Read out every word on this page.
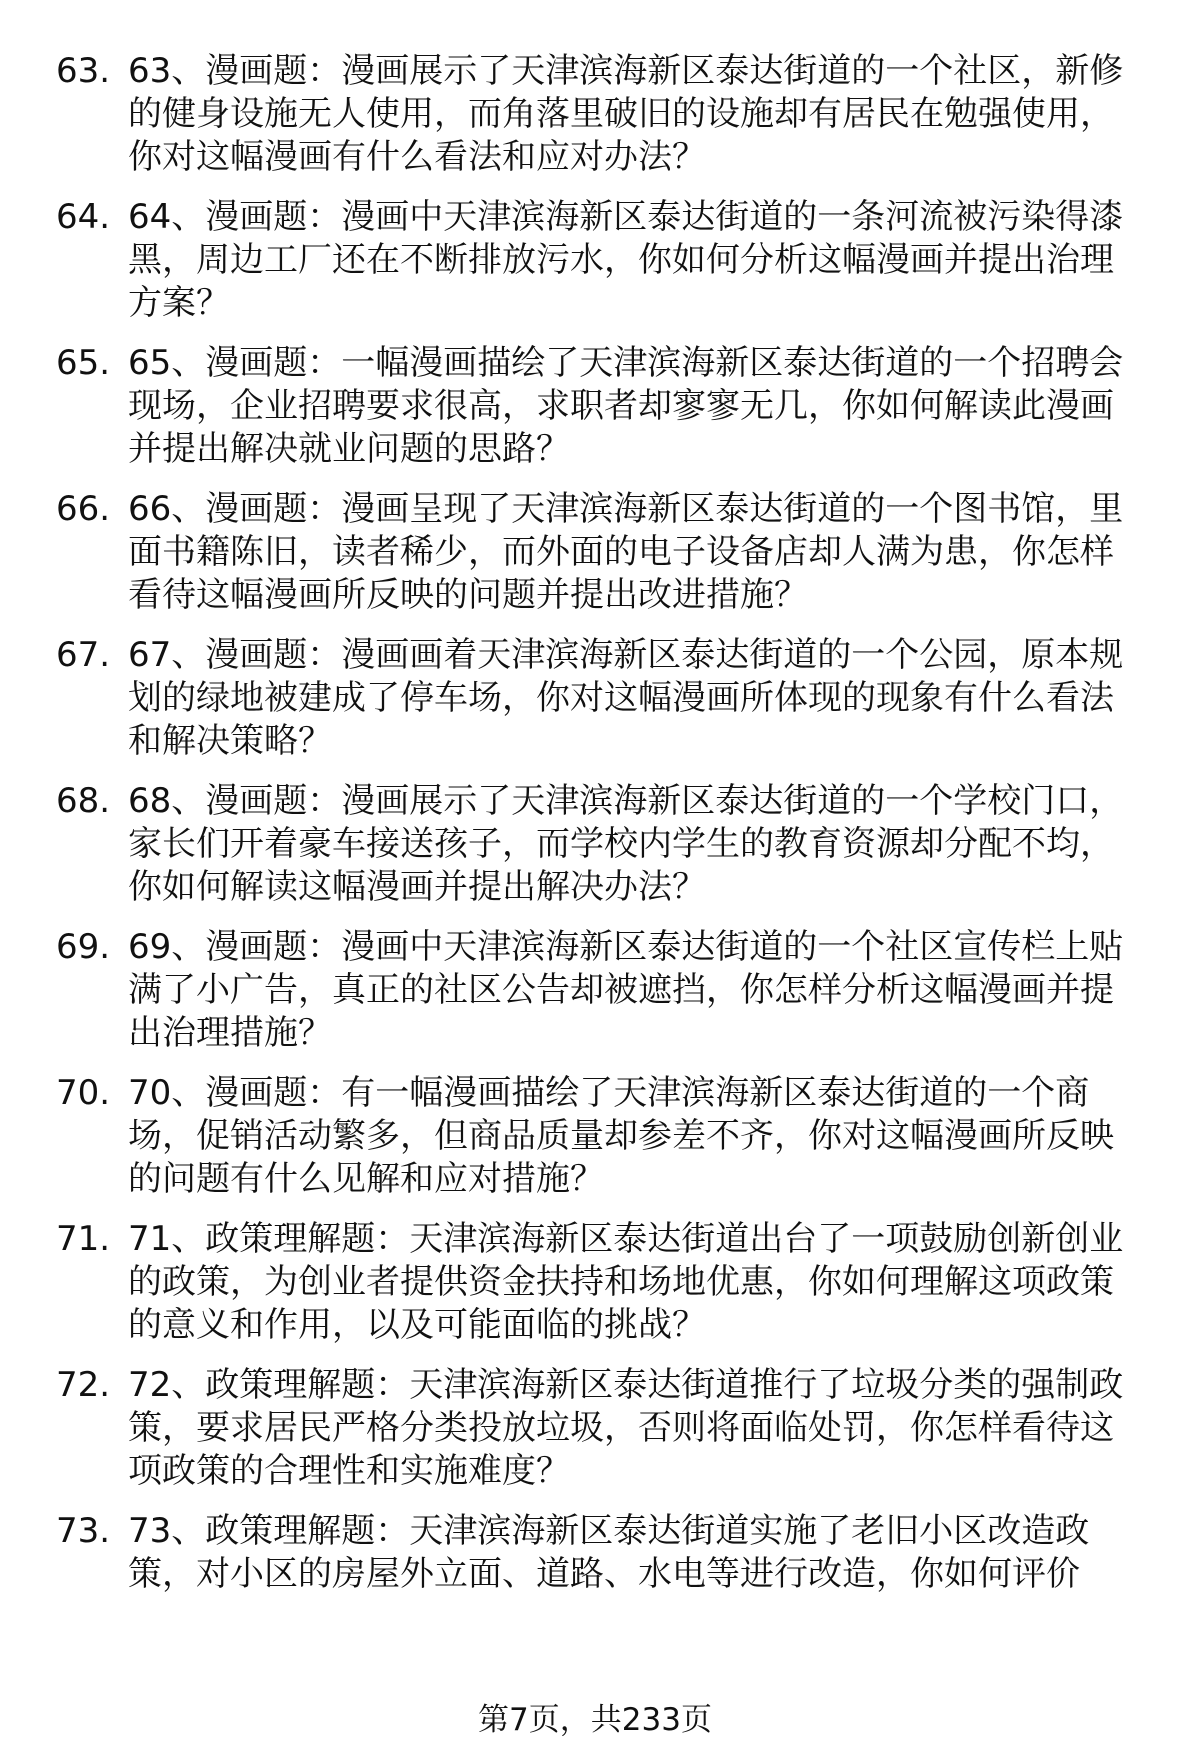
63. 63、漫画题：漫画展示了天津滨海新区泰达街道的一个社区，新修的健身设施无人使用，而角落里破旧的设施却有居民在勉强使用，你对这幅漫画有什么看法和应对办法？
64. 64、漫画题：漫画中天津滨海新区泰达街道的一条河流被污染得漆黑，周边工厂还在不断排放污水，你如何分析这幅漫画并提出治理方案？
65. 65、漫画题：一幅漫画描绘了天津滨海新区泰达街道的一个招聘会现场，企业招聘要求很高，求职者却寥寥无几，你如何解读此漫画并提出解决就业问题的思路？
66. 66、漫画题：漫画呈现了天津滨海新区泰达街道的一个图书馆，里面书籍陈旧，读者稀少，而外面的电子设备店却人满为患，你怎样看待这幅漫画所反映的问题并提出改进措施？
67. 67、漫画题：漫画画着天津滨海新区泰达街道的一个公园，原本规划的绿地被建成了停车场，你对这幅漫画所体现的现象有什么看法和解决策略？
68. 68、漫画题：漫画展示了天津滨海新区泰达街道的一个学校门口，家长们开着豪车接送孩子，而学校内学生的教育资源却分配不均，你如何解读这幅漫画并提出解决办法？
69. 69、漫画题：漫画中天津滨海新区泰达街道的一个社区宣传栏上贴满了小广告，真正的社区公告却被遮挡，你怎样分析这幅漫画并提出治理措施？
70. 70、漫画题：有一幅漫画描绘了天津滨海新区泰达街道的一个商场，促销活动繁多，但商品质量却参差不齐，你对这幅漫画所反映的问题有什么见解和应对措施？
71. 71、政策理解题：天津滨海新区泰达街道出台了一项鼓励创新创业的政策，为创业者提供资金扶持和场地优惠，你如何理解这项政策的意义和作用，以及可能面临的挑战？
72. 72、政策理解题：天津滨海新区泰达街道推行了垃圾分类的强制政策，要求居民严格分类投放垃圾，否则将面临处罚，你怎样看待这项政策的合理性和实施难度？
73. 73、政策理解题：天津滨海新区泰达街道实施了老旧小区改造政策，对小区的房屋外立面、道路、水电等进行改造，你如何评价
第7页，共233页
